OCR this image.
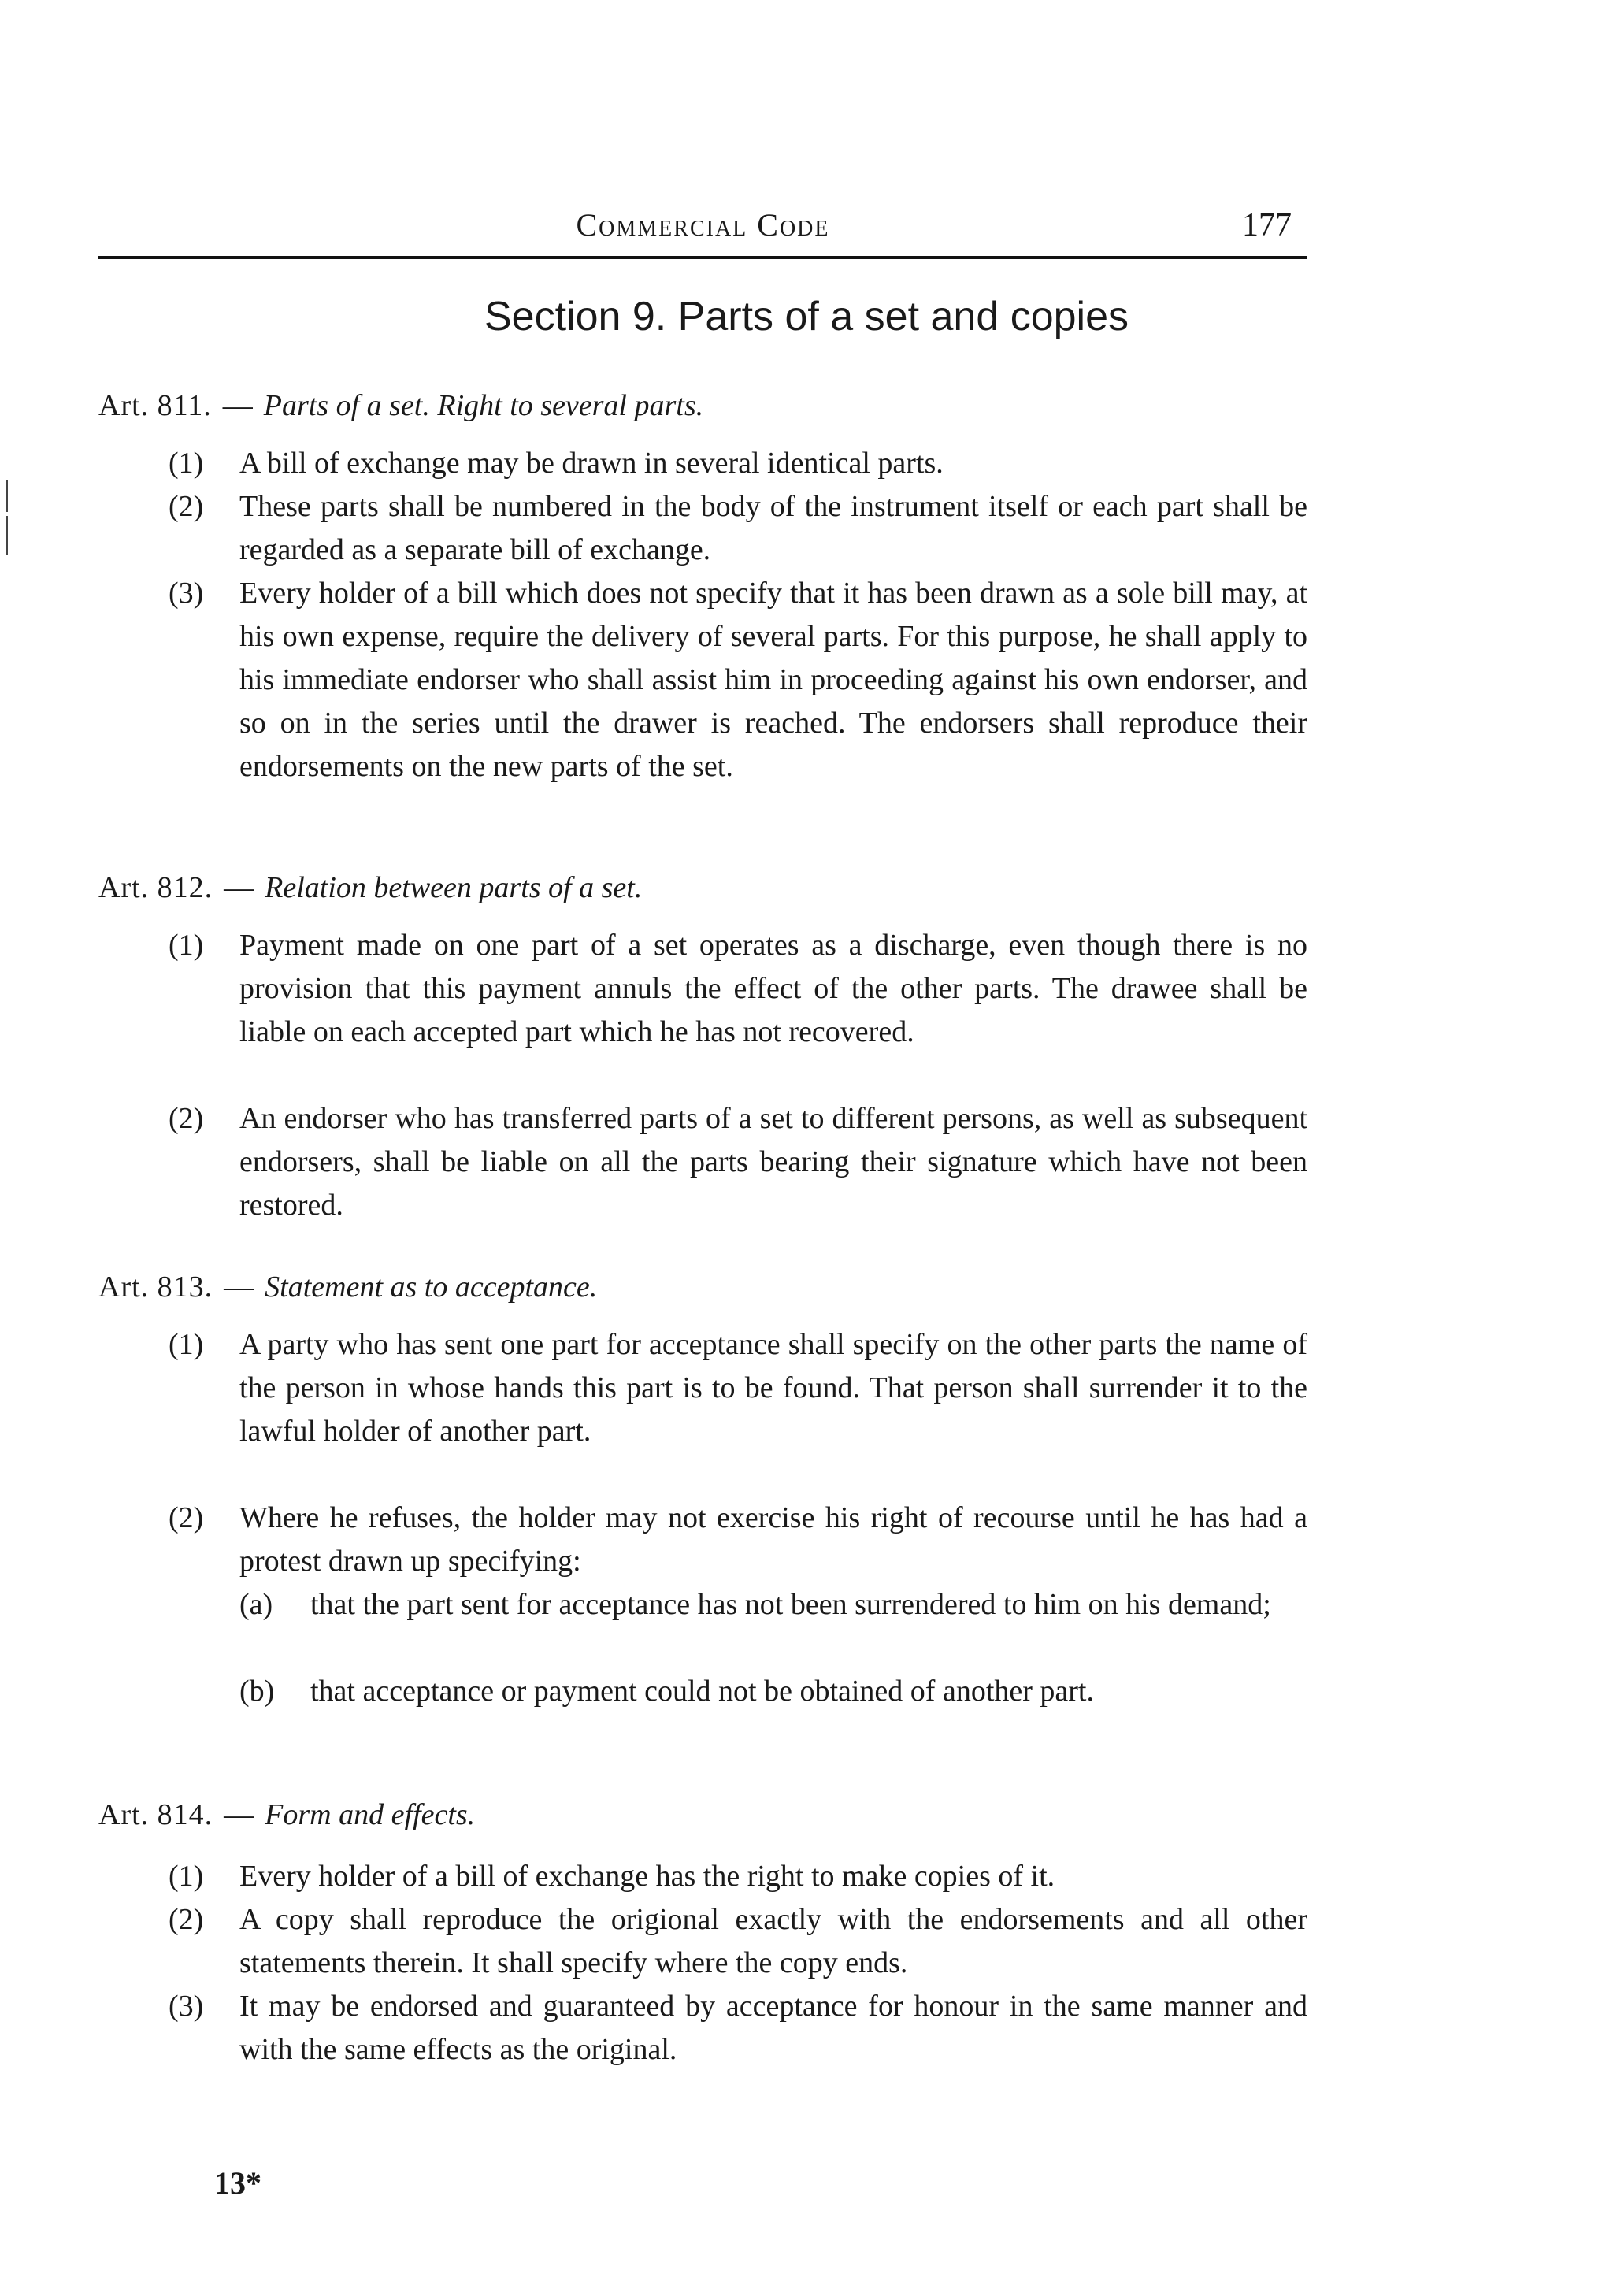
Commercial Code	177
Section 9. Parts of a set and copies
Art. 811. — Parts of a set. Right to several parts.
(1)	A bill of exchange may be drawn in several identical parts.
(2)	These parts shall be numbered in the body of the instrument itself or each part shall be regarded as a separate bill of exchange.
(3)	Every holder of a bill which does not specify that it has been drawn as a sole bill may, at his own expense, require the delivery of several parts. For this purpose, he shall apply to his immediate endorser who shall assist him in proceeding against his own endorser, and so on in the series until the drawer is reached. The endorsers shall reproduce their endorsements on the new parts of the set.
Art. 812. — Relation between parts of a set.
(1)	Payment made on one part of a set operates as a discharge, even though there is no provision that this payment annuls the effect of the other parts. The drawee shall be liable on each accepted part which he has not recovered.
(2)	An endorser who has transferred parts of a set to different persons, as well as subsequent endorsers, shall be liable on all the parts bearing their signature which have not been restored.
Art. 813. — Statement as to acceptance.
(1)	A party who has sent one part for acceptance shall specify on the other parts the name of the person in whose hands this part is to be found. That person shall surrender it to the lawful holder of another part.
(2)	Where he refuses, the holder may not exercise his right of recourse until he has had a protest drawn up specifying:
(a)	that the part sent for acceptance has not been surrendered to him on his demand;
(b)	that acceptance or payment could not be obtained of another part.
Art. 814. — Form and effects.
(1)	Every holder of a bill of exchange has the right to make copies of it.
(2)	A copy shall reproduce the origional exactly with the endorsements and all other statements therein. It shall specify where the copy ends.
(3)	It may be endorsed and guaranteed by acceptance for honour in the same manner and with the same effects as the original.
13*
